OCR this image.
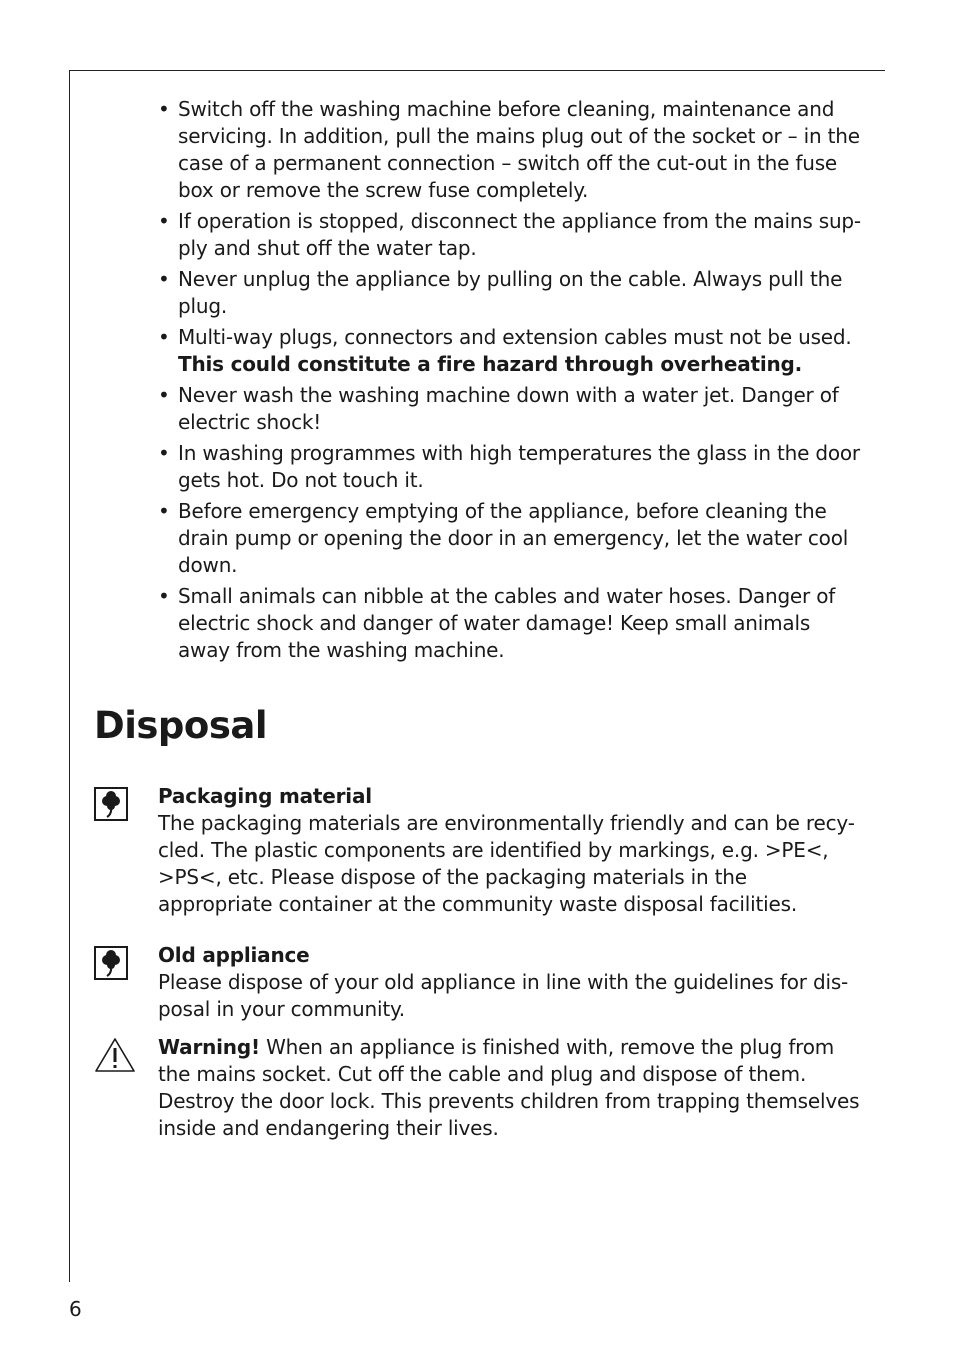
• Switch off the washing machine before cleaning, maintenance and servicing. In addition, pull the mains plug out of the socket or – in the case of a permanent connection – switch off the cut-out in the fuse box or remove the screw fuse completely.
• If operation is stopped, disconnect the appliance from the mains sup-ply and shut off the water tap.
• Never unplug the appliance by pulling on the cable. Always pull the plug.
• Multi-way plugs, connectors and extension cables must not be used. This could constitute a fire hazard through overheating.
• Never wash the washing machine down with a water jet. Danger of electric shock!
• In washing programmes with high temperatures the glass in the door gets hot. Do not touch it.
• Before emergency emptying of the appliance, before cleaning the drain pump or opening the door in an emergency, let the water cool down.
• Small animals can nibble at the cables and water hoses. Danger of electric shock and danger of water damage! Keep small animals away from the washing machine.
Disposal
Packaging material
The packaging materials are environmentally friendly and can be recy-cled. The plastic components are identified by markings, e.g. >PE<, >PS<, etc. Please dispose of the packaging materials in the appropriate container at the community waste disposal facilities.
Old appliance
Please dispose of your old appliance in line with the guidelines for dis-posal in your community.
Warning! When an appliance is finished with, remove the plug from the mains socket. Cut off the cable and plug and dispose of them. Destroy the door lock. This prevents children from trapping themselves inside and endangering their lives.
6
